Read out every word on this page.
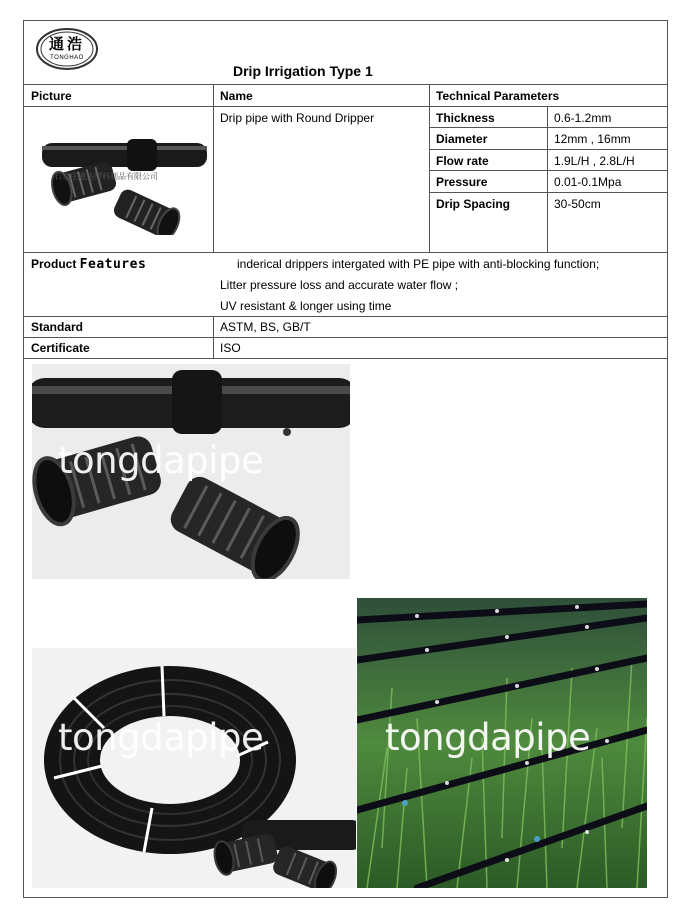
通浩
TONGHAO
Drip Irrigation Type 1
Picture	Name	Technical Parameters
Drip pipe with Round Dripper	Thickness	0.6-1.2mm
Diameter	12mm , 16mm
Flow rate	1.9L/H , 2.8L/H
Pressure	0.01-0.1Mpa
Drip Spacing	30-50cm
石家庄通达塑料制品有限公司
Product Features	inderical drippers intergated with PE pipe with anti-blocking function;
Litter pressure loss and accurate water flow ;
UV resistant & longer using time
Standard	ASTM, BS, GB/T
Certificate	ISO
tongdapipe
tongdapipe	tongdapipe
